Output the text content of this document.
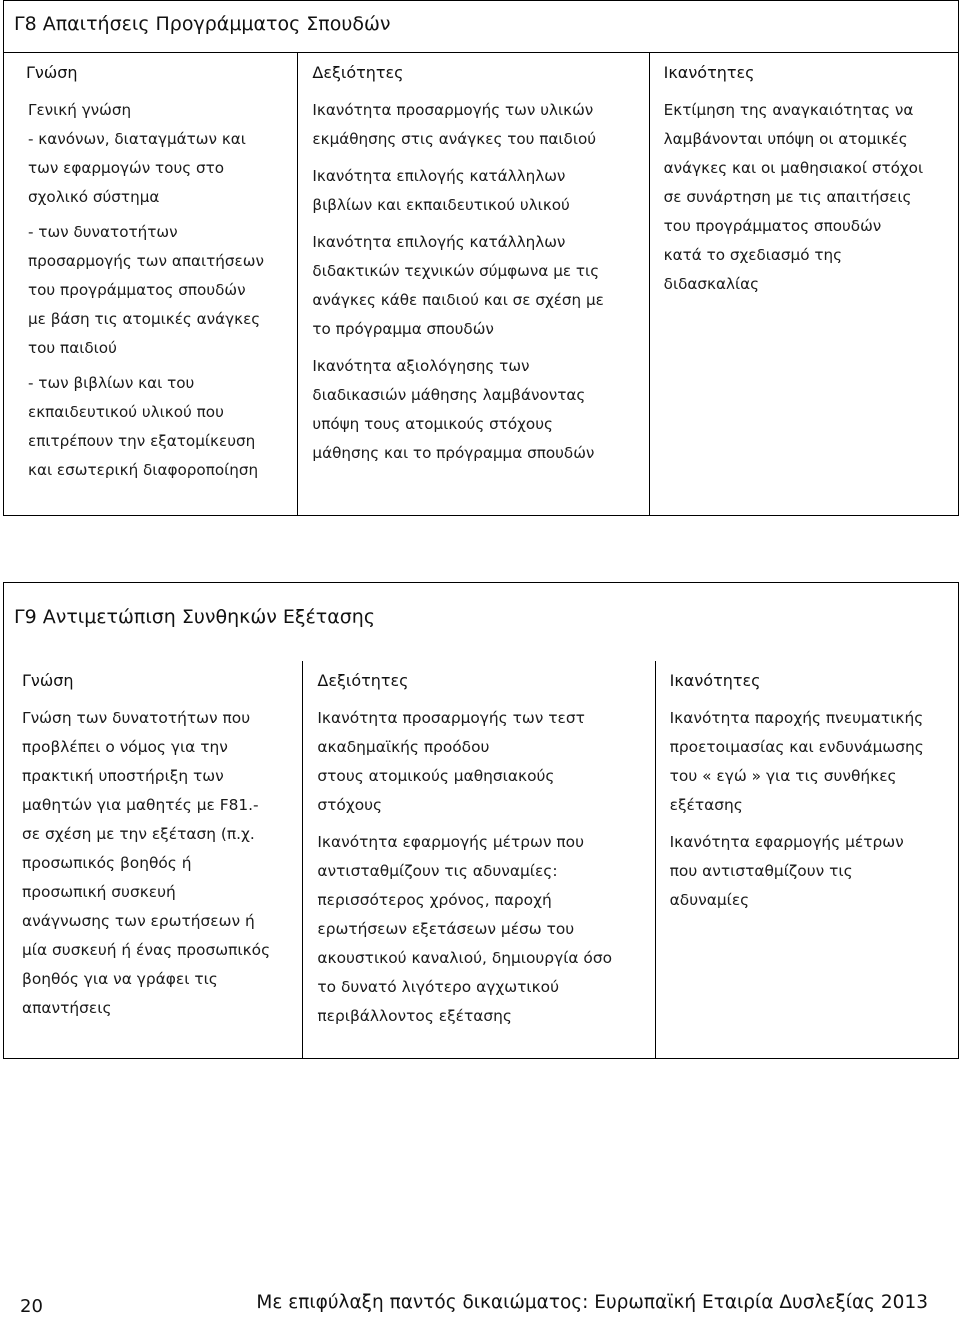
Γ8 Απαιτήσεις Προγράμματος Σπουδών
Γνώση

Γενική γνώση
- κανόνων, διαταγμάτων και
των εφαρμογών τους στο
σχολικό σύστημα

- των δυνατοτήτων
προσαρμογής των απαιτήσεων
του προγράμματος σπουδών
με βάση τις ατομικές ανάγκες
του παιδιού

- των βιβλίων και του
εκπαιδευτικού υλικού που
επιτρέπουν την εξατομίκευση
και εσωτερική διαφοροποίηση

Δεξιότητες

Ικανότητα προσαρμογής των υλικών
εκμάθησης στις ανάγκες του παιδιού

Ικανότητα επιλογής κατάλληλων
βιβλίων και εκπαιδευτικού υλικού

Ικανότητα επιλογής κατάλληλων
διδακτικών τεχνικών σύμφωνα με τις
ανάγκες κάθε παιδιού και σε σχέση με
το πρόγραμμα σπουδών

Ικανότητα αξιολόγησης των
διαδικασιών μάθησης λαμβάνοντας
υπόψη τους ατομικούς στόχους
μάθησης και το πρόγραμμα σπουδών

Ικανότητες

Εκτίμηση της αναγκαιότητας να
λαμβάνονται υπόψη οι ατομικές
ανάγκες και οι μαθησιακοί στόχοι
σε συνάρτηση με τις απαιτήσεις
του προγράμματος σπουδών
κατά το σχεδιασμό της
διδασκαλίας

Γ9 Αντιμετώπιση Συνθηκών Εξέτασης
Γνώση

Γνώση των δυνατοτήτων που
προβλέπει ο νόμος για την
πρακτική υποστήριξη των
μαθητών για μαθητές με F81.-
σε σχέση με την εξέταση (π.χ.
προσωπικός βοηθός ή
προσωπική συσκευή
ανάγνωσης των ερωτήσεων ή
μία συσκευή ή ένας προσωπικός
βοηθός για να γράφει τις
απαντήσεις

Δεξιότητες

Ικανότητα προσαρμογής των τεστ
ακαδημαϊκής προόδου
στους ατομικούς μαθησιακούς
στόχους

Ικανότητα εφαρμογής μέτρων που
αντισταθμίζουν τις αδυναμίες:
περισσότερος χρόνος, παροχή
ερωτήσεων εξετάσεων μέσω του
ακουστικού καναλιού, δημιουργία όσο
το δυνατό λιγότερο αγχωτικού
περιβάλλοντος εξέτασης

Ικανότητες

Ικανότητα παροχής πνευματικής
προετοιμασίας και ενδυνάμωσης
του « εγώ » για τις συνθήκες
εξέτασης

Ικανότητα εφαρμογής μέτρων
που αντισταθμίζουν τις
αδυναμίες

20	Με επιφύλαξη παντός δικαιώματος: Ευρωπαϊκή Εταιρία Δυσλεξίας 2013
